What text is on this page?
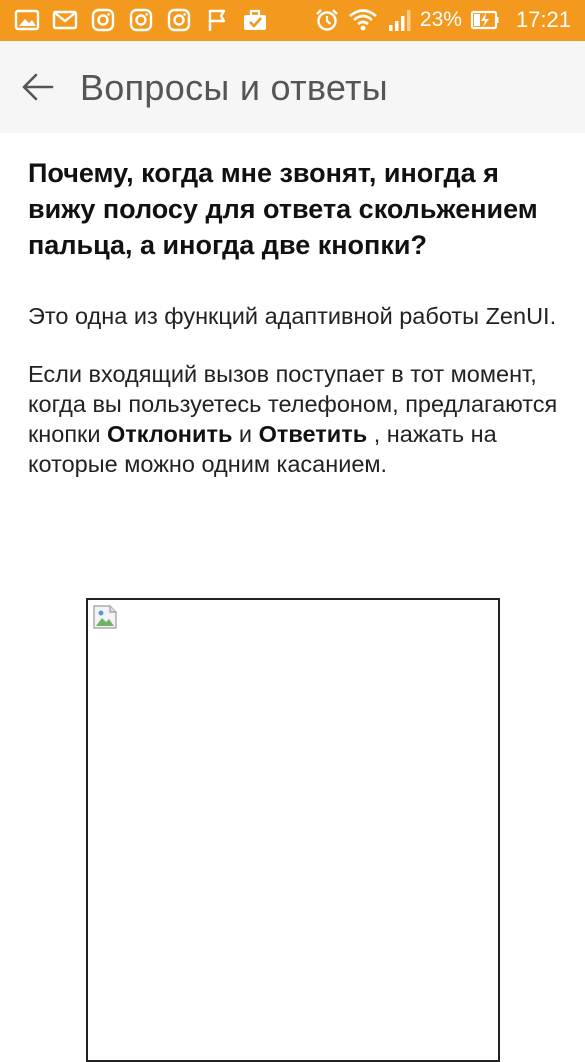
23% 17:21
Вопросы и ответы
Почему, когда мне звонят, иногда я вижу полосу для ответа скольжением пальца, а иногда две кнопки?

Это одна из функций адаптивной работы ZenUI.

Если входящий вызов поступает в тот момент, когда вы пользуетесь телефоном, предлагаются кнопки Отклонить и Ответить , нажать на которые можно одним касанием.
